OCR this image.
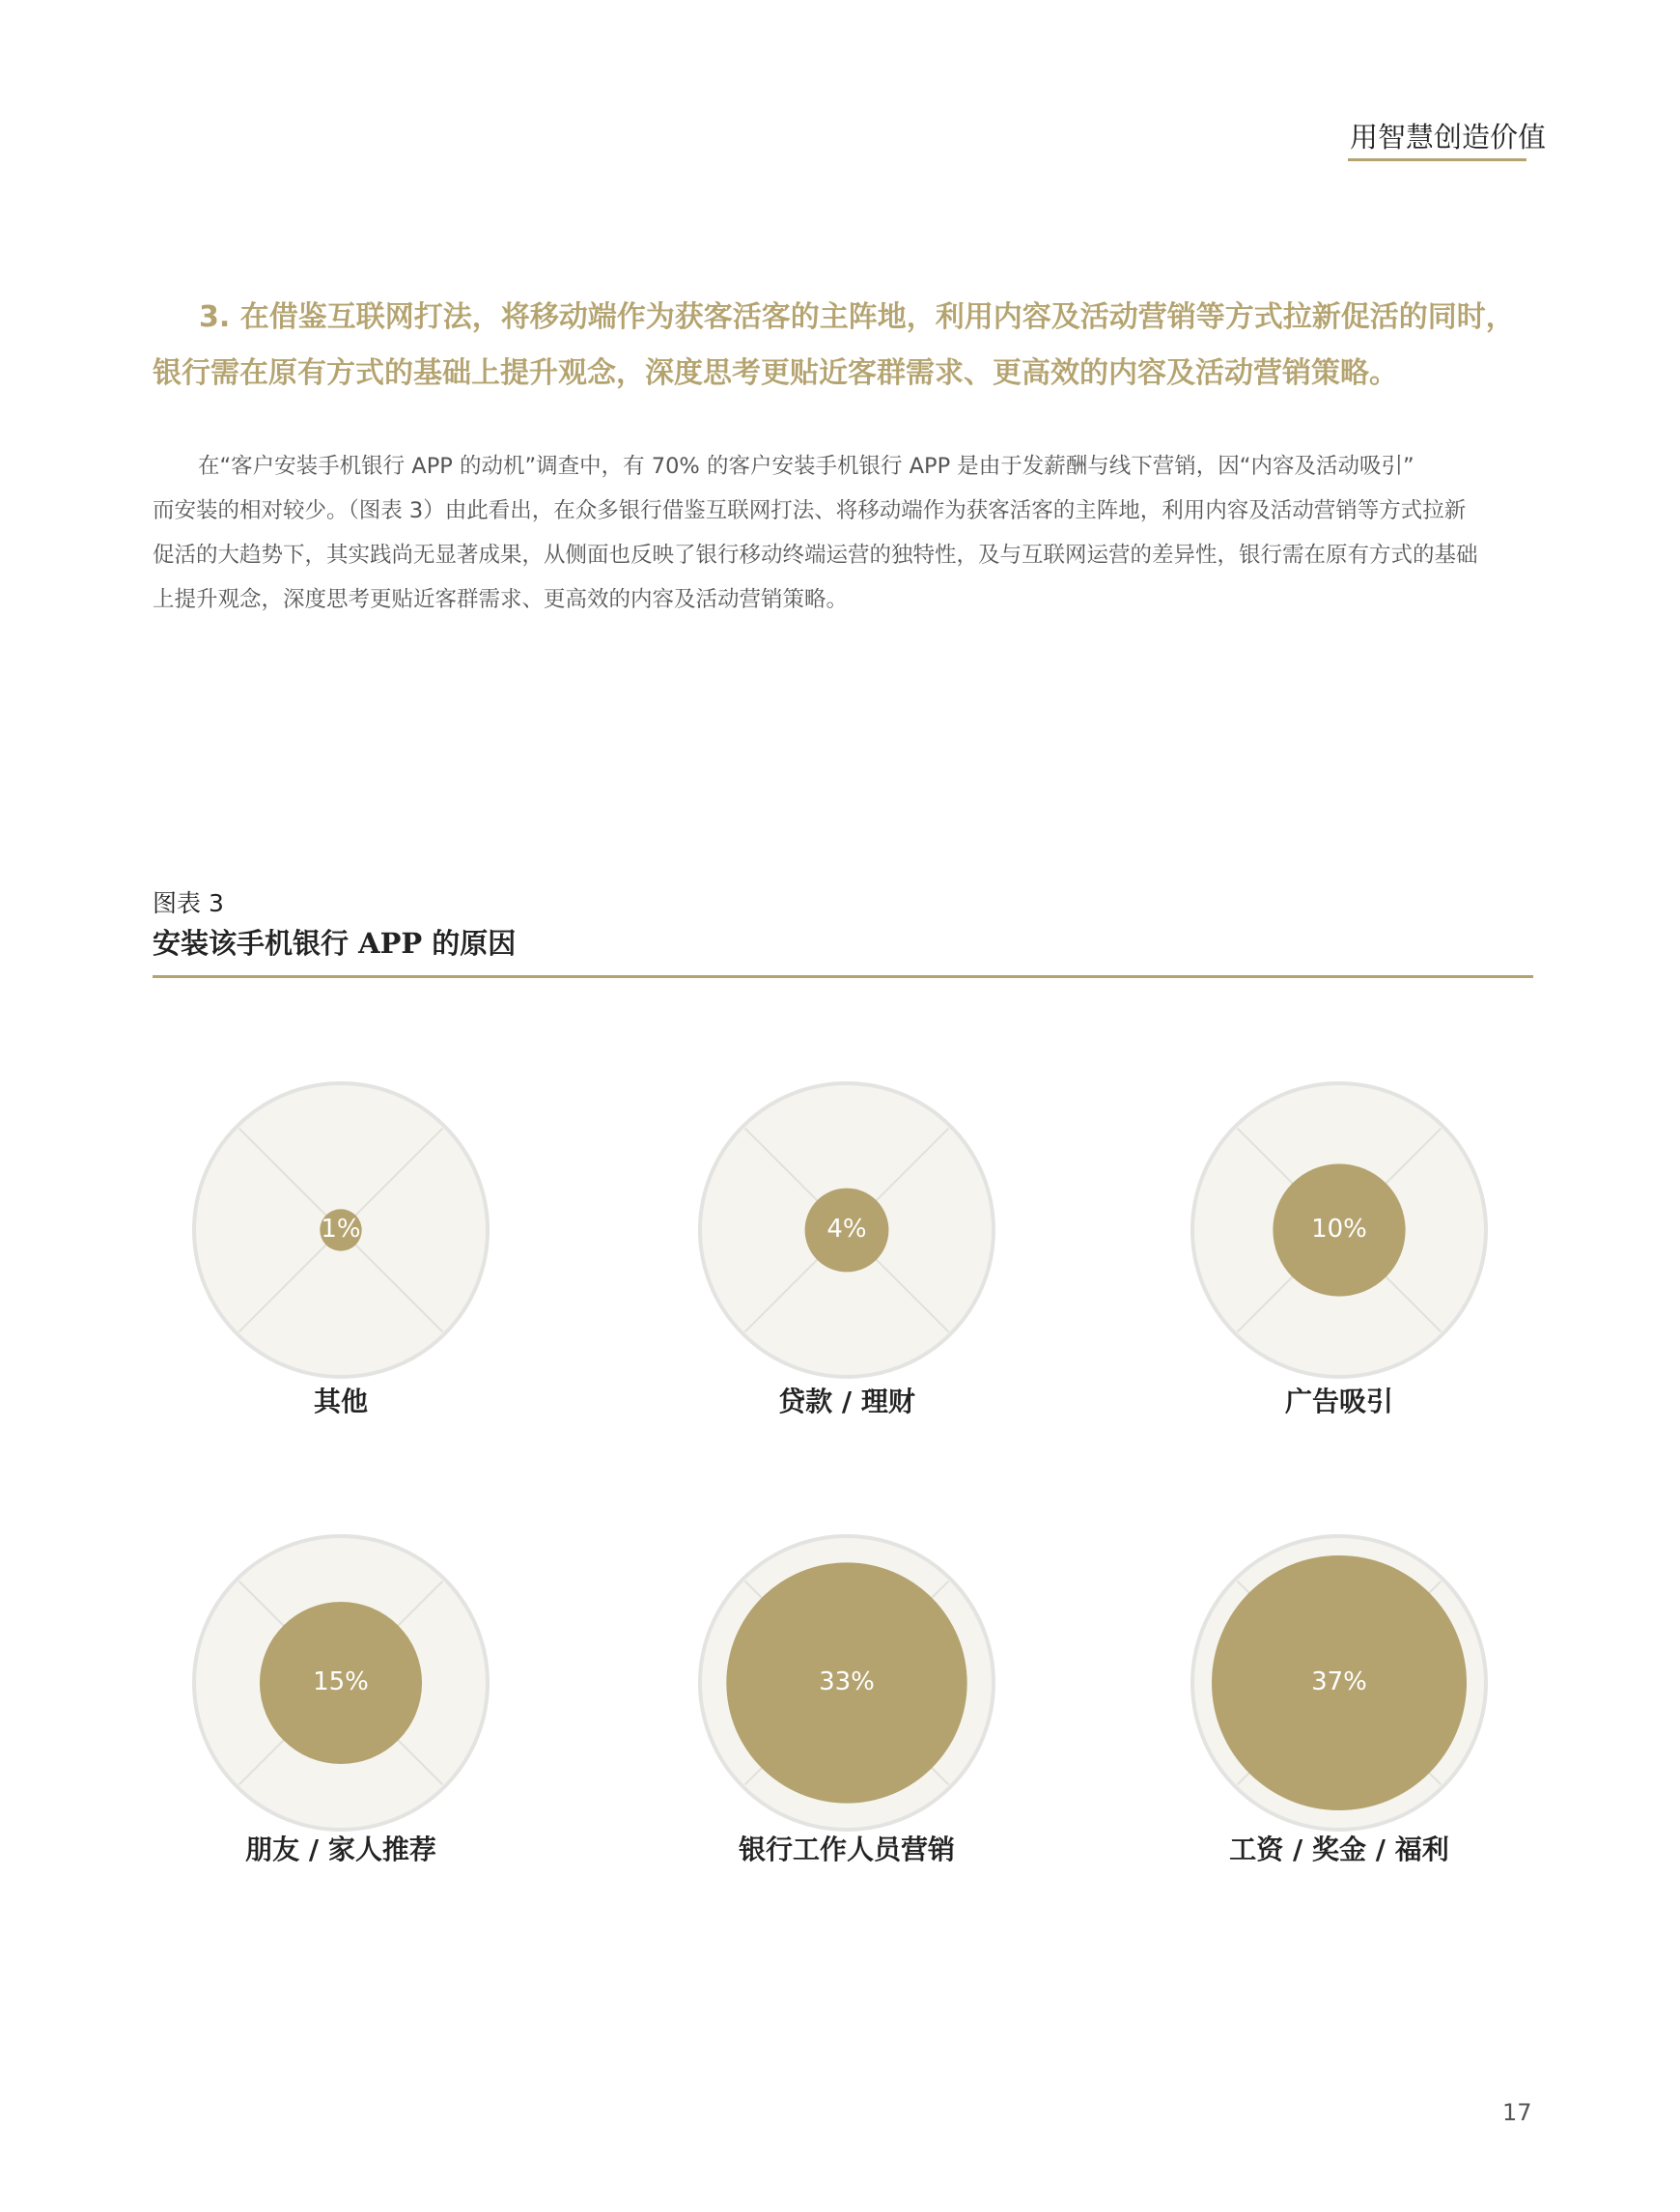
用智慧创造价值

3. 在借鉴互联网打法，将移动端作为获客活客的主阵地，利用内容及活动营销等方式拉新促活的同时，

银行需在原有方式的基础上提升观念，深度思考更贴近客群需求、更高效的内容及活动营销策略。

在“客户安装手机银行 APP 的动机”调查中，有 70% 的客户安装手机银行 APP 是由于发薪酬与线下营销，因“内容及活动吸引”

而安装的相对较少。（图表 3）由此看出，在众多银行借鉴互联网打法、将移动端作为获客活客的主阵地，利用内容及活动营销等方式拉新

促活的大趋势下，其实践尚无显著成果，从侧面也反映了银行移动终端运营的独特性，及与互联网运营的差异性，银行需在原有方式的基础

上提升观念，深度思考更贴近客群需求、更高效的内容及活动营销策略。

图表 3
安装该手机银行 APP 的原因
1%
其他
4%
贷款 / 理财
10%
广告吸引
15%
朋友 / 家人推荐
33%
银行工作人员营销
37%
工资 / 奖金 / 福利
17
